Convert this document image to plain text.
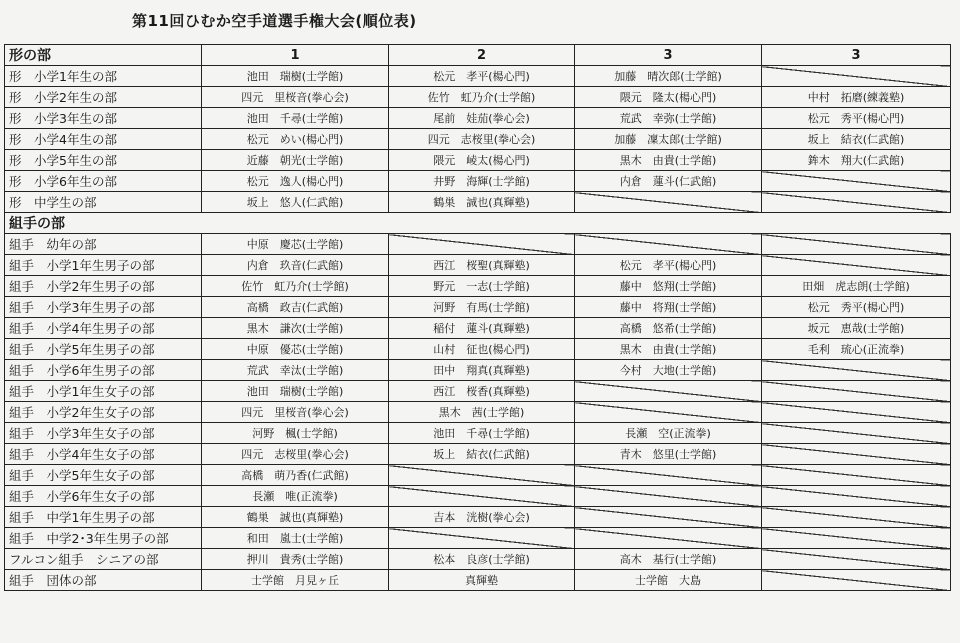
第11回ひむか空手道選手権大会(順位表)
形の部	1	2	3	3
形　小学1年生の部	池田　瑞樹(士学館)	松元　孝平(楊心門)	加藤　晴次郎(士学館)	
形　小学2年生の部	四元　里桜音(拳心会)	佐竹　虹乃介(士学館)	隈元　隆太(楊心門)	中村　拓磨(練義塾)
形　小学3年生の部	池田　千尋(士学館)	尾前　娃茄(拳心会)	荒武　幸弥(士学館)	松元　秀平(楊心門)
形　小学4年生の部	松元　めい(楊心門)	四元　志桜里(拳心会)	加藤　凜太郎(士学館)	坂上　結衣(仁武館)
形　小学5年生の部	近藤　朝光(士学館)	隈元　崚太(楊心門)	黒木　由貴(士学館)	鉾木　翔大(仁武館)
形　小学6年生の部	松元　逸人(楊心門)	井野　海輝(士学館)	内倉　蓮斗(仁武館)	
形　中学生の部	坂上　悠人(仁武館)	鶴巣　誠也(真輝塾)		
組手の部				
組手　幼年の部	中原　慶芯(士学館)			
組手　小学1年生男子の部	内倉　玖音(仁武館)	西江　桜聖(真輝塾)	松元　孝平(楊心門)	
組手　小学2年生男子の部	佐竹　虹乃介(士学館)	野元　一志(士学館)	藤中　悠翔(士学館)	田畑　虎志朗(士学館)
組手　小学3年生男子の部	高橋　政吉(仁武館)	河野　有馬(士学館)	藤中　将翔(士学館)	松元　秀平(楊心門)
組手　小学4年生男子の部	黒木　謙次(士学館)	稲付　蓮斗(真輝塾)	高橋　悠希(士学館)	坂元　恵哉(士学館)
組手　小学5年生男子の部	中原　優芯(士学館)	山村　征也(楊心門)	黒木　由貴(士学館)	毛利　琉心(正流拳)
組手　小学6年生男子の部	荒武　幸汰(士学館)	田中　翔真(真輝塾)	今村　大地(士学館)	
組手　小学1年生女子の部	池田　瑞樹(士学館)	西江　桜香(真輝塾)		
組手　小学2年生女子の部	四元　里桜音(拳心会)	黒木　茜(士学館)		
組手　小学3年生女子の部	河野　楓(士学館)	池田　千尋(士学館)	長瀬　空(正流拳)	
組手　小学4年生女子の部	四元　志桜里(拳心会)	坂上　結衣(仁武館)	青木　悠里(士学館)	
組手　小学5年生女子の部	高橋　萌乃香(仁武館)			
組手　小学6年生女子の部	長瀬　唯(正流拳)			
組手　中学1年生男子の部	鶴巣　誠也(真輝塾)	吉本　洸樹(拳心会)		
組手　中学2･3年生男子の部	和田　嵐士(士学館)			
フルコン組手　シニアの部	押川　貴秀(士学館)	松本　良彦(士学館)	高木　基行(士学館)	
組手　団体の部	士学館　月見ヶ丘	真輝塾	士学館　大島	
